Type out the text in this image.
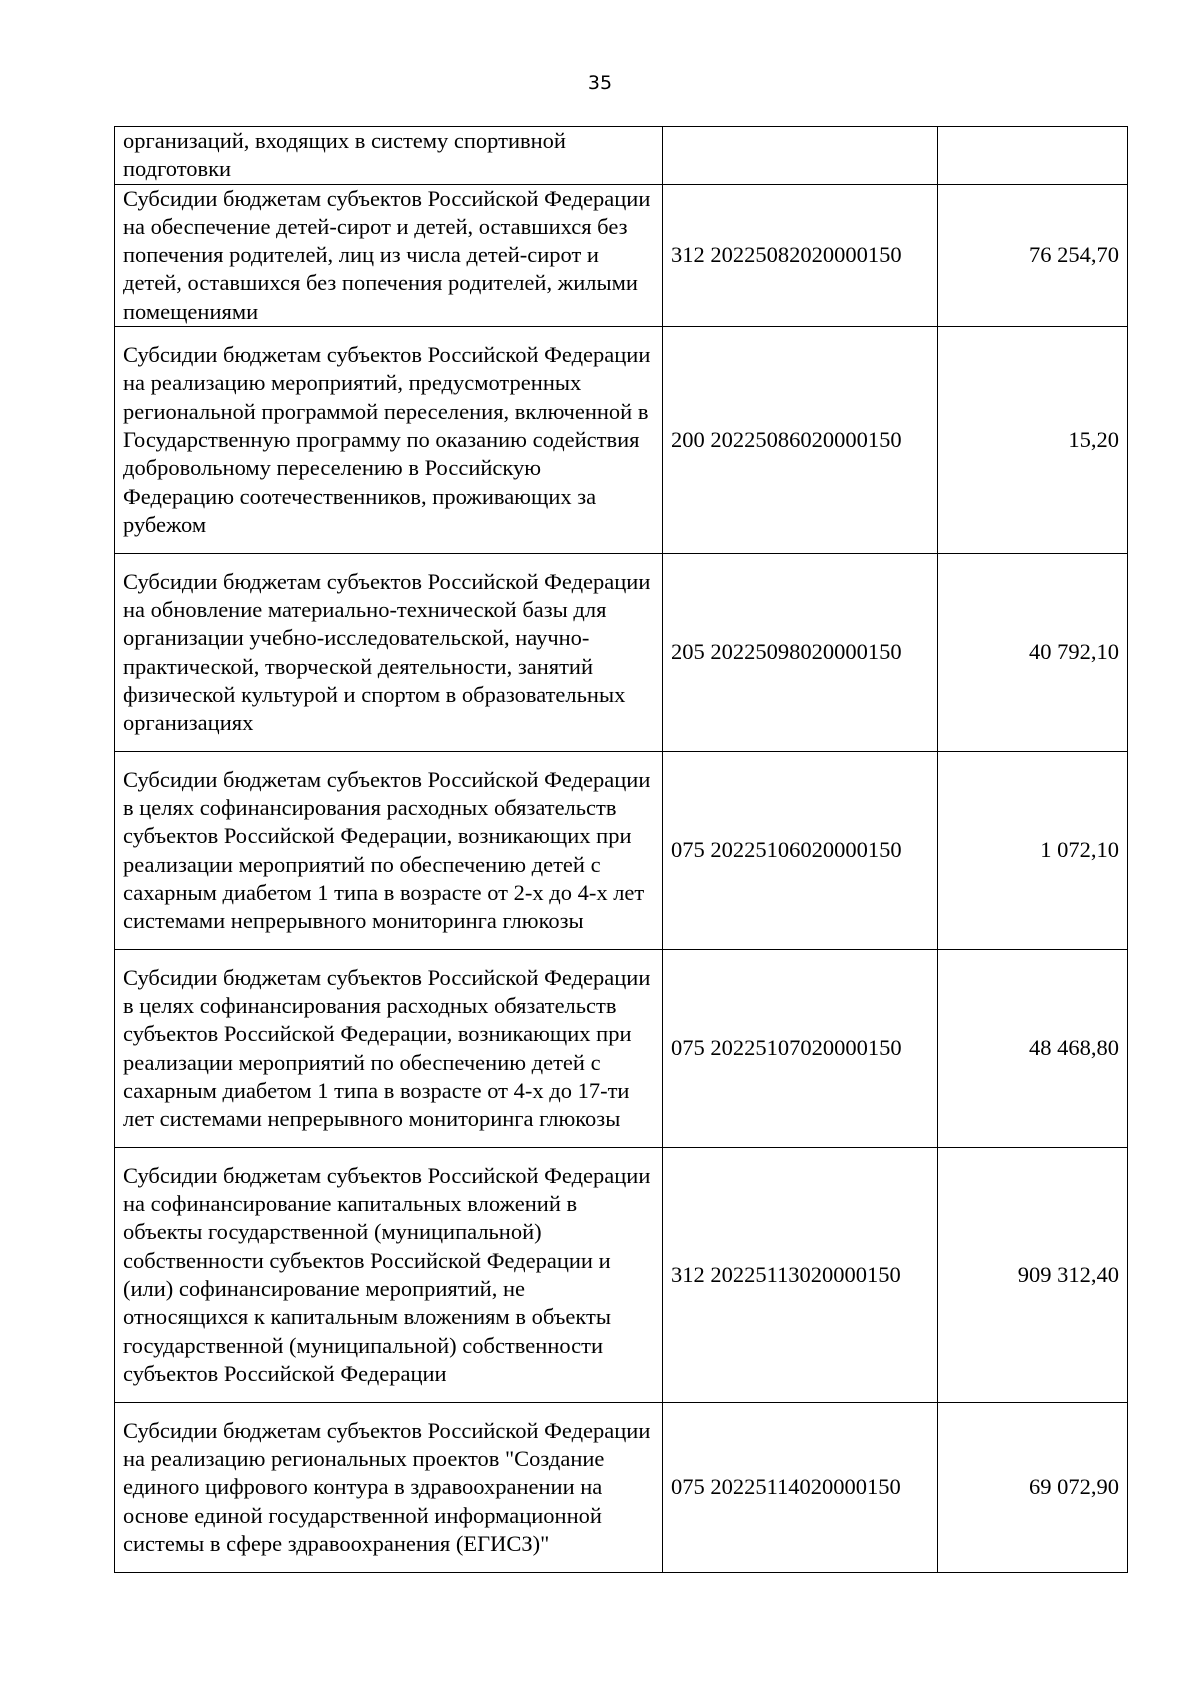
35
организаций, входящих в систему спортивной подготовки		

Субсидии бюджетам субъектов Российской Федерации на обеспечение детей-сирот и детей, оставшихся без попечения родителей, лиц из числа детей-сирот и детей, оставшихся без попечения родителей, жилыми помещениями	312 20225082020000150	76 254,70

Субсидии бюджетам субъектов Российской Федерации на реализацию мероприятий, предусмотренных региональной программой переселения, включенной в Государственную программу по оказанию содействия добровольному переселению в Российскую Федерацию соотечественников, проживающих за рубежом	200 20225086020000150	15,20

Субсидии бюджетам субъектов Российской Федерации на обновление материально-технической базы для организации учебно-исследовательской, научно-практической, творческой деятельности, занятий физической культурой и спортом в образовательных организациях	205 20225098020000150	40 792,10

Субсидии бюджетам субъектов Российской Федерации в целях софинансирования расходных обязательств субъектов Российской Федерации, возникающих при реализации мероприятий по обеспечению детей с сахарным диабетом 1 типа в возрасте от 2-х до 4-х лет системами непрерывного мониторинга глюкозы	075 20225106020000150	1 072,10

Субсидии бюджетам субъектов Российской Федерации в целях софинансирования расходных обязательств субъектов Российской Федерации, возникающих при реализации мероприятий по обеспечению детей с сахарным диабетом 1 типа в возрасте от 4-х до 17-ти лет системами непрерывного мониторинга глюкозы	075 20225107020000150	48 468,80

Субсидии бюджетам субъектов Российской Федерации на софинансирование капитальных вложений в объекты государственной (муниципальной) собственности субъектов Российской Федерации и (или) софинансирование мероприятий, не относящихся к капитальным вложениям в объекты государственной (муниципальной) собственности субъектов Российской Федерации	312 20225113020000150	909 312,40

Субсидии бюджетам субъектов Российской Федерации на реализацию региональных проектов "Создание единого цифрового контура в здравоохранении на основе единой государственной информационной системы в сфере здравоохранения (ЕГИСЗ)"	075 20225114020000150	69 072,90
